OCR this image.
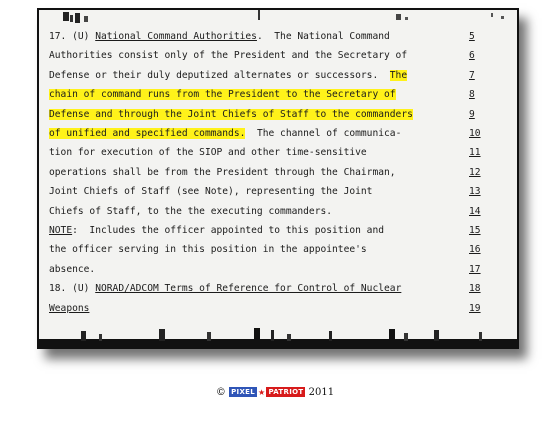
17. (U) National Command Authorities.  The National Command	5
Authorities consist only of the President and the Secretary of	6
Defense or their duly deputized alternates or successors.  The	7
chain of command runs from the President to the Secretary of	8
Defense and through the Joint Chiefs of Staff to the commanders	9
of unified and specified commands.  The channel of communica-	10
tion for execution of the SIOP and other time-sensitive	11
operations shall be from the President through the Chairman,	12
Joint Chiefs of Staff (see Note), representing the Joint	13
Chiefs of Staff, to the the executing commanders.	14
NOTE:  Includes the officer appointed to this position and	15
the officer serving in this position in the appointee's	16
absence.	17
18. (U) NORAD/ADCOM Terms of Reference for Control of Nuclear	18
Weapons	19
© PIXEL ★ PATRIOT 2011
